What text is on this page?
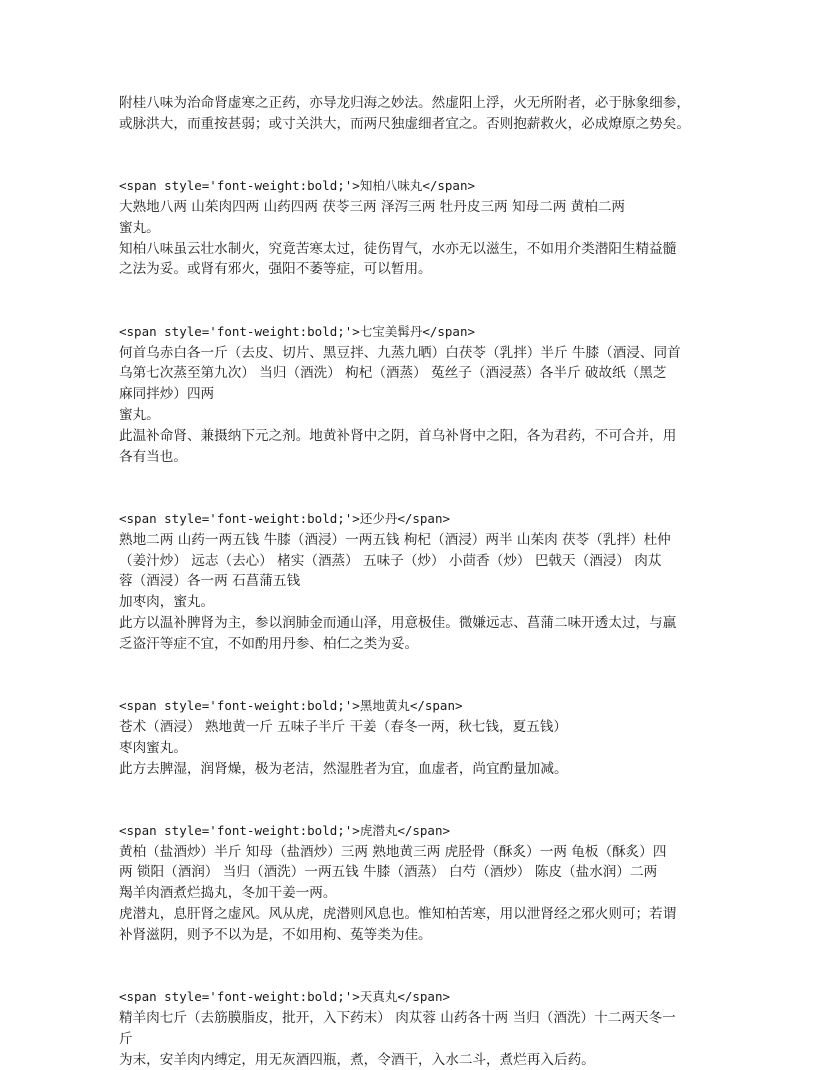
附桂八味为治命肾虚寒之正药，亦导龙归海之妙法。然虚阳上浮，火无所附者，必于脉象细参，
或脉洪大，而重按甚弱；或寸关洪大，而两尺独虚细者宜之。否则抱薪救火，必成燎原之势矣。
<span style='font-weight:bold;'>知柏八味丸</span>
大熟地八两 山茱肉四两 山药四两 茯苓三两 泽泻三两 牡丹皮三两 知母二两 黄柏二两
蜜丸。
知柏八味虽云壮水制火，究竟苦寒太过，徒伤胃气，水亦无以滋生，不如用介类潜阳生精益髓
之法为妥。或肾有邪火，强阳不萎等症，可以暂用。
<span style='font-weight:bold;'>七宝美髯丹</span>
何首乌赤白各一斤（去皮、切片、黑豆拌、九蒸九晒）白茯苓（乳拌）半斤 牛膝（酒浸、同首
乌第七次蒸至第九次） 当归（酒洗） 枸杞（酒蒸） 菟丝子（酒浸蒸）各半斤 破故纸（黑芝
麻同拌炒）四两
蜜丸。
此温补命肾、兼摄纳下元之剂。地黄补肾中之阴，首乌补肾中之阳，各为君药，不可合并，用
各有当也。
<span style='font-weight:bold;'>还少丹</span>
熟地二两 山药一两五钱 牛膝（酒浸）一两五钱 枸杞（酒浸）两半 山茱肉 茯苓（乳拌）杜仲
（姜汁炒） 远志（去心） 楮实（酒蒸） 五味子（炒） 小茴香（炒） 巴戟天（酒浸） 肉苁
蓉（酒浸）各一两 石菖蒲五钱
加枣肉，蜜丸。
此方以温补脾肾为主，参以润肺金而通山泽，用意极佳。微嫌远志、菖蒲二味开透太过，与羸
乏盗汗等症不宜，不如酌用丹参、柏仁之类为妥。
<span style='font-weight:bold;'>黑地黄丸</span>
苍术（酒浸） 熟地黄一斤 五味子半斤 干姜（春冬一两，秋七钱，夏五钱）
枣肉蜜丸。
此方去脾湿，润肾燥，极为老洁，然湿胜者为宜，血虚者，尚宜酌量加减。
<span style='font-weight:bold;'>虎潜丸</span>
黄柏（盐酒炒）半斤 知母（盐酒炒）三两 熟地黄三两 虎胫骨（酥炙）一两 龟板（酥炙）四
两 锁阳（酒润） 当归（酒洗）一两五钱 牛膝（酒蒸） 白芍（酒炒） 陈皮（盐水润）二两
羯羊肉酒煮烂捣丸，冬加干姜一两。
虎潜丸，息肝肾之虚风。风从虎，虎潜则风息也。惟知柏苦寒，用以泄肾经之邪火则可；若谓
补肾滋阴，则予不以为是，不如用枸、菟等类为佳。
<span style='font-weight:bold;'>天真丸</span>
精羊肉七斤（去筋膜脂皮，批开，入下药末） 肉苁蓉 山药各十两 当归（酒洗）十二两天冬一
斤
为末，安羊肉内缚定，用无灰酒四瓶，煮，令酒干，入水二斗，煮烂再入后药。
